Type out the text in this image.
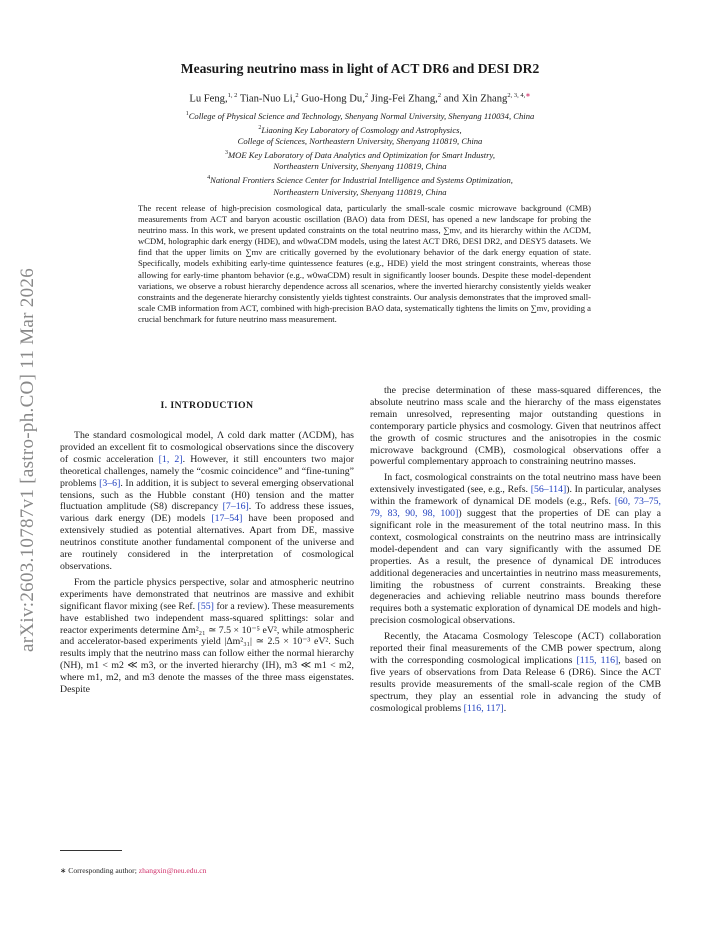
arXiv:2603.10787v1 [astro-ph.CO] 11 Mar 2026
Measuring neutrino mass in light of ACT DR6 and DESI DR2
Lu Feng,$^{1, 2}$ Tian-Nuo Li,$^2$ Guo-Hong Du,$^2$ Jing-Fei Zhang,$^2$ and Xin Zhang$^{2, 3, 4,∗}$
$^1$College of Physical Science and Technology, Shenyang Normal University, Shenyang 110034, China
$^2$Liaoning Key Laboratory of Cosmology and Astrophysics,
College of Sciences, Northeastern University, Shenyang 110819, China
$^3$MOE Key Laboratory of Data Analytics and Optimization for Smart Industry,
Northeastern University, Shenyang 110819, China
$^4$National Frontiers Science Center for Industrial Intelligence and Systems Optimization,
Northeastern University, Shenyang 110819, China
The recent release of high-precision cosmological data, particularly the small-scale cosmic microwave background (CMB) measurements from ACT and baryon acoustic oscillation (BAO) data from DESI, has opened a new landscape for probing the neutrino mass. In this work, we present updated constraints on the total neutrino mass, ∑mν, and its hierarchy within the ΛCDM, wCDM, holographic dark energy (HDE), and w0waCDM models, using the latest ACT DR6, DESI DR2, and DESY5 datasets. We find that the upper limits on ∑mν are critically governed by the evolutionary behavior of the dark energy equation of state. Specifically, models exhibiting early-time quintessence features (e.g., HDE) yield the most stringent constraints, whereas those allowing for early-time phantom behavior (e.g., w0waCDM) result in significantly looser bounds. Despite these model-dependent variations, we observe a robust hierarchy dependence across all scenarios, where the inverted hierarchy consistently yields weaker constraints and the degenerate hierarchy consistently yields tightest constraints. Our analysis demonstrates that the improved small-scale CMB information from ACT, combined with high-precision BAO data, systematically tightens the limits on ∑mν, providing a crucial benchmark for future neutrino mass measurement.
I. INTRODUCTION

The standard cosmological model, Λ cold dark matter (ΛCDM), has provided an excellent fit to cosmological observations since the discovery of cosmic acceleration [1, 2]. However, it still encounters two major theoretical challenges, namely the “cosmic coincidence” and “fine-tuning” problems [3–6]. In addition, it is subject to several emerging observational tensions, such as the Hubble constant (H0) tension and the matter fluctuation amplitude (S8) discrepancy [7–16]. To address these issues, various dark energy (DE) models [17–54] have been proposed and extensively studied as potential alternatives. Apart from DE, massive neutrinos constitute another fundamental component of the universe and are routinely considered in the interpretation of cosmological observations.

From the particle physics perspective, solar and atmospheric neutrino experiments have demonstrated that neutrinos are massive and exhibit significant flavor mixing (see Ref. [55] for a review). These measurements have established two independent mass-squared splittings: solar and reactor experiments determine Δm²₂₁ ≃ 7.5 × 10⁻⁵ eV², while atmospheric and accelerator-based experiments yield |Δm²₃₁| ≃ 2.5 × 10⁻³ eV². Such results imply that the neutrino mass can follow either the normal hierarchy (NH), m1 < m2 ≪ m3, or the inverted hierarchy (IH), m3 ≪ m1 < m2, where m1, m2, and m3 denote the masses of the three mass eigenstates. Despite

the precise determination of these mass-squared differences, the absolute neutrino mass scale and the hierarchy of the mass eigenstates remain unresolved, representing major outstanding questions in contemporary particle physics and cosmology. Given that neutrinos affect the growth of cosmic structures and the anisotropies in the cosmic microwave background (CMB), cosmological observations offer a powerful complementary approach to constraining neutrino masses.

In fact, cosmological constraints on the total neutrino mass have been extensively investigated (see, e.g., Refs. [56–114]). In particular, analyses within the framework of dynamical DE models (e.g., Refs. [60, 73–75, 79, 83, 90, 98, 100]) suggest that the properties of DE can play a significant role in the measurement of the total neutrino mass. In this context, cosmological constraints on the neutrino mass are intrinsically model-dependent and can vary significantly with the assumed DE properties. As a result, the presence of dynamical DE introduces additional degeneracies and uncertainties in neutrino mass measurements, limiting the robustness of current constraints. Breaking these degeneracies and achieving reliable neutrino mass bounds therefore requires both a systematic exploration of dynamical DE models and high-precision cosmological observations.

Recently, the Atacama Cosmology Telescope (ACT) collaboration reported their final measurements of the CMB power spectrum, along with the corresponding cosmological implications [115, 116], based on five years of observations from Data Release 6 (DR6). Since the ACT results provide measurements of the small-scale region of the CMB spectrum, they play an essential role in advancing the study of cosmological problems [116, 117].

∗ Corresponding author; zhangxin@neu.edu.cn
